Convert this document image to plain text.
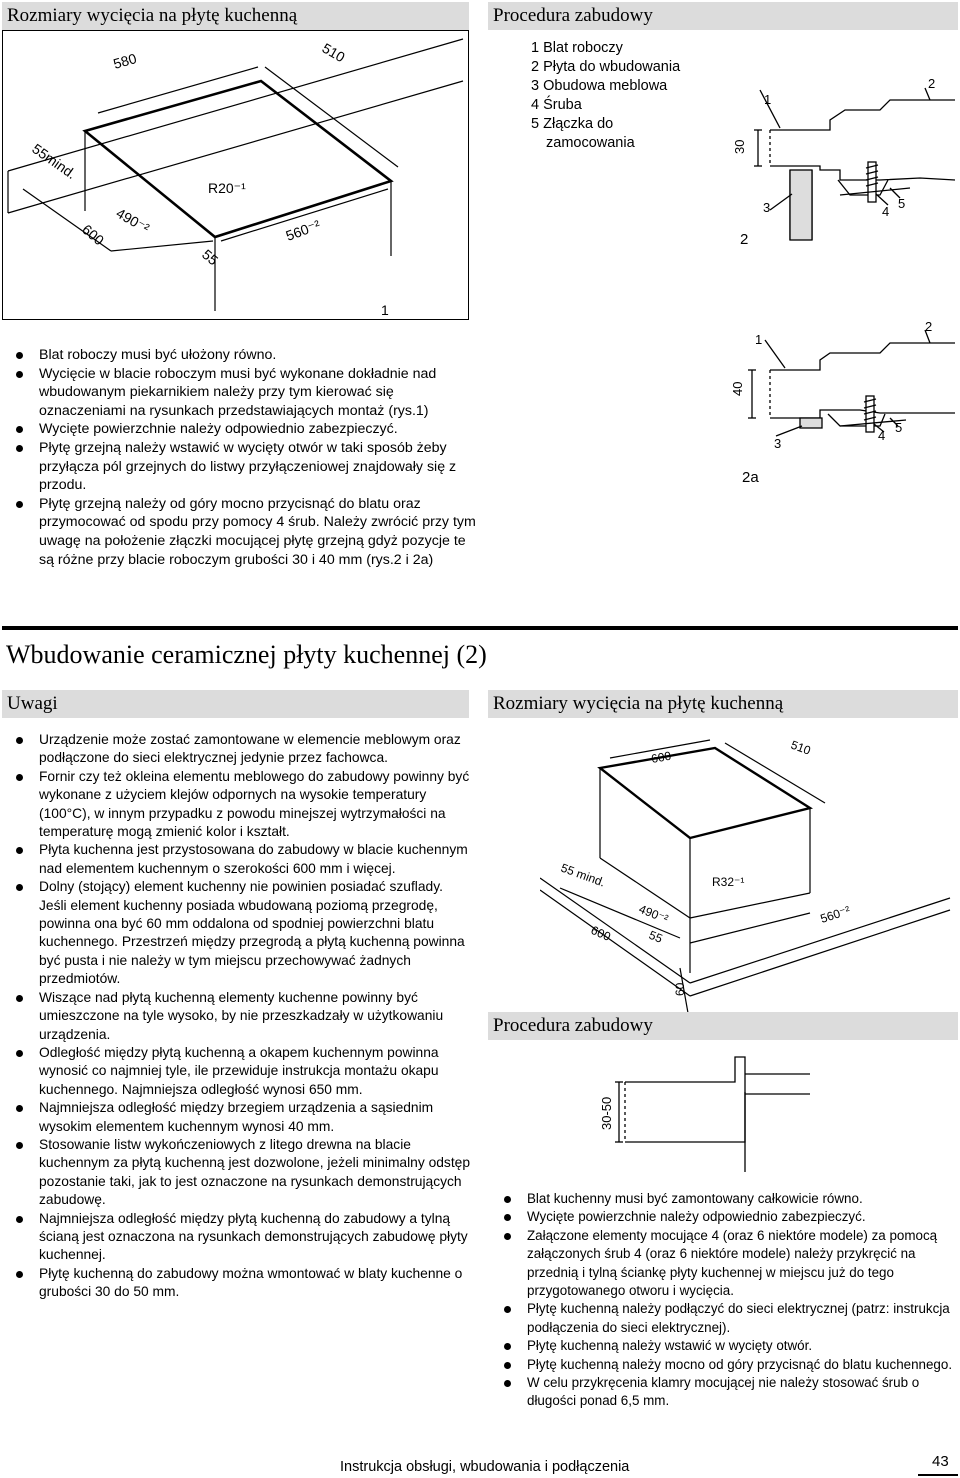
Rozmiary wycięcia na płytę kuchenną	Procedura zabudowy
580	510
55mind.
R20⁻¹
490⁻²
600	560⁻²
55
1
1 Blat roboczy
2 Płyta do wbudowania
3 Obudowa meblowa
4 Śruba
5 Złączka do
zamocowania	30
1
2
3	4
5
2
40
1
2
3
4
5
2a
Blat roboczy musi być ułożony równo.
Wycięcie w blacie roboczym musi być wykonane dokładnie nad wbudowanym piekarnikiem należy przy tym kierować się oznaczeniami na rysunkach przedstawiających montaż (rys.1)
Wycięte powierzchnie należy odpowiednio zabezpieczyć.
Płytę grzejną należy wstawić w wycięty otwór w taki sposób żeby przyłącza pól grzejnych do listwy przyłączeniowej znajdowały się z przodu.
Płytę grzejną należy od góry mocno przycisnąć do blatu oraz przymocować od spodu przy pomocy 4 śrub. Należy zwrócić przy tym uwagę na położenie złączki mocującej płytę grzejną gdyż pozycje te są różne przy blacie roboczym grubości 30 i 40 mm (rys.2 i 2a)
Wbudowanie ceramicznej płyty kuchennej (2)
Uwagi
Urządzenie może zostać zamontowane w elemencie meblowym oraz podłączone do sieci elektrycznej jedynie przez fachowca.
Fornir czy też okleina elementu meblowego do zabudowy powinny być wykonane z użyciem klejów odpornych na wysokie temperatury (100°C), w innym przypadku z powodu minejszej wytrzymałości na temperaturę mogą zmienić kolor i kształt.
Płyta kuchenna jest przystosowana do zabudowy w blacie kuchennym nad elementem kuchennym o szerokości 600 mm i więcej.
Dolny (stojący) element kuchenny nie powinien posiadać szuflady. Jeśli element kuchenny posiada wbudowaną poziomą przegrodę, powinna ona być 60 mm oddalona od spodniej powierzchni blatu kuchennego. Przestrzeń między przegrodą a płytą kuchenną powinna być pusta i nie należy w tym miejscu przechowywać żadnych przedmiotów.
Wiszące nad płytą kuchenną elementy kuchenne powinny być umieszczone na tyle wysoko, by nie przeszkadzały w użytkowaniu urządzenia.
Odległość między płytą kuchenną a okapem kuchennym powinna wynosić co najmniej tyle, ile przewiduje instrukcja montażu okapu kuchennego. Najmniejsza odległość wynosi 650 mm.
Najmniejsza odległość między brzegiem urządzenia a sąsiednim wysokim elementem kuchennym wynosi 40 mm.
Stosowanie listw wykończeniowych z litego drewna na blacie kuchennym za płytą kuchenną jest dozwolone, jeżeli minimalny odstęp pozostanie taki, jak to jest oznaczone na rysunkach demonstrujących zabudowę.
Najmniejsza odległość między płytą kuchenną do zabudowy a tylną ścianą jest oznaczona na rysunkach demonstrujących zabudowę płyty kuchennej.
Płytę kuchenną do zabudowy można wmontować w blaty kuchenne o grubości 30 do 50 mm.
Rozmiary wycięcia na płytę kuchenną
600	510
55 mind.	R32⁻¹
490⁻²
600	55
560⁻²
60
Procedura zabudowy
30-50
Blat kuchenny musi być zamontowany całkowicie równo.
Wycięte powierzchnie należy odpowiednio zabezpieczyć.
Załączone elementy mocujące 4 (oraz 6 niektóre modele) za pomocą załączonych śrub 4 (oraz 6 niektóre modele) należy przykręcić na przednią i tylną ściankę płyty kuchennej w miejscu już do tego przygotowanego otworu i wycięcia.
Płytę kuchenną należy podłączyć do sieci elektrycznej (patrz: instrukcja podłączenia do sieci elektrycznej).
Płytę kuchenną należy wstawić w wycięty otwór.
Płytę kuchenną należy mocno od góry przycisnąć do blatu kuchennego.
W celu przykręcenia klamry mocującej nie należy stosować śrub o długości ponad 6,5 mm.
Instrukcja obsługi, wbudowania i podłączenia	43
